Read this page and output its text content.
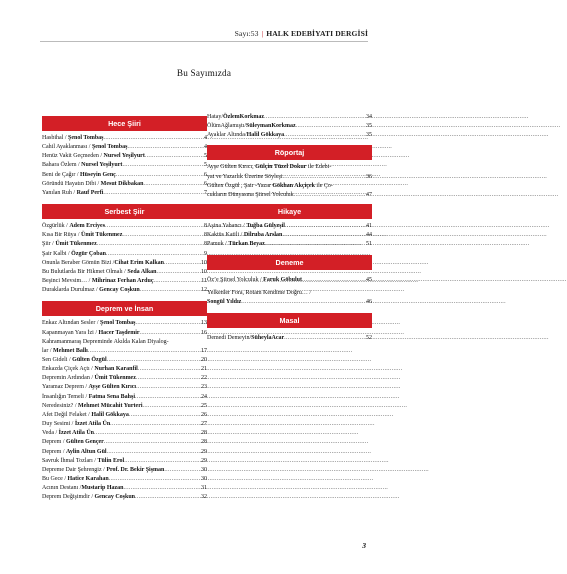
Sayı:53 | HALK EDEBİYATI DERGİSİ
Bu Sayımızda
Hece Şiiri
Hasbihal / Şenol Tombaş .....	4
Cahil Ayaklanması / Şenol Tombaş .....	4
Henüz Vakit Geçmeden / Nursel Yeşilyurt .....	5
Bahara Özlem / Nursel Yeşilyurt .....	5
Beni de Çağır / Hüseyin Genç .....	6
Göründü Hayatın Dibi / Mesut Dikbakan .....	6
Yanılan Ruh / Rauf Perfi .....	7
Serbest Şiir
Özgürlük / Adem Erciyes .....	8
Kısa Bir Rüya / Ümit Tükenmez .....	8
Şiir / Ümit Tükenmez .....	8
Şair Kalbi / Özgür Çoban .....	9
Onunla Beraber Gömün Bizi /Cihat Erim Kalkan .....	10
Bu Bulutlarda Bir Hikmet Olmalı / Seda Alkan .....	10
Beşinci Mevsim… / Mihrinaz Ferhan Arduç .....	11
Duraklarda Durulmaz / Gencay Coşkun .....	12
Deprem ve İnsan
Enkaz Altından Sesler / Şenol Tombaş .....	13
Kapanmayan Yara İzi / Hacer Taşdemir .....	16
Kahramanmaraş Depreminde Akılda Kalan Diyalog-
lar / Mehmet Ballı .....	17
Sen Gideli / Gülten Özgül .....	20
Enkazda Çiçek Açtı / Nurhan Karanfil .....	21
Depremin Ardından / Ümit Tükenmez .....	22
Yaramaz Deprem / Ayşe Gülten Kırıcı .....	23
İnsanlığın Temeli / Fatma Sena Bahşi .....	24
Neredesiniz? / Mehmet Mücahit Yurteri .....	25
Afet Değil Felaket / Halil Gökkaya .....	26
Duy Sesimi / İzzet Atila Ün .....	27
Veda / İzzet Atila Ün .....	28
Deprem / Gülten Gençer .....	28
Deprem / Aylin Altun Gül .....	29
Savruk İhmal Tozları / Tülin Erol .....	29
Depreme Dair Şehrengiz / Prof. Dr. Bekir Şişman .....	30
Bu Gece / Hatice Karahan .....	30
Acının Destanı /Mustarip Hazan .....	31
Deprem Değişimdir / Gencay Coşkun .....	32
Hatay/ÖzlemKorkmaz .....	34
ÖlümAğlamıştı/SüleymanKorkmaz .....	35
Ayaklar Altında/Halil Gökkaya .....	35
Röportaj
Ayşe Gülten Kırıcı, Gülçin Tüzel Dokur ile Edebi-
yat ve Yazarlık Üzerine Söyleşi .....	36
Gülten Özgül , Şair -Yazar Gökhan Akçiçek ile Ço-
cukların Dünyasına Şiirsel Yolculuk .....	47
Hikaye
Aşina Yabancı / Tuğba Gülyeşil .....	41
Kaktüs Katili / Dilruba Arslan .....	44
Pamuk / Türkan Beyaz .....	51
Deneme
Öz’e Şiirsel Yolculuk / Faruk Göbulut .....	45
Yelkenler Fora, Rotam Kendime Doğru… /
Songül Yıldız .....	46
Masal
Demedi Demeyin/SüheylaAcar .....	52
3
